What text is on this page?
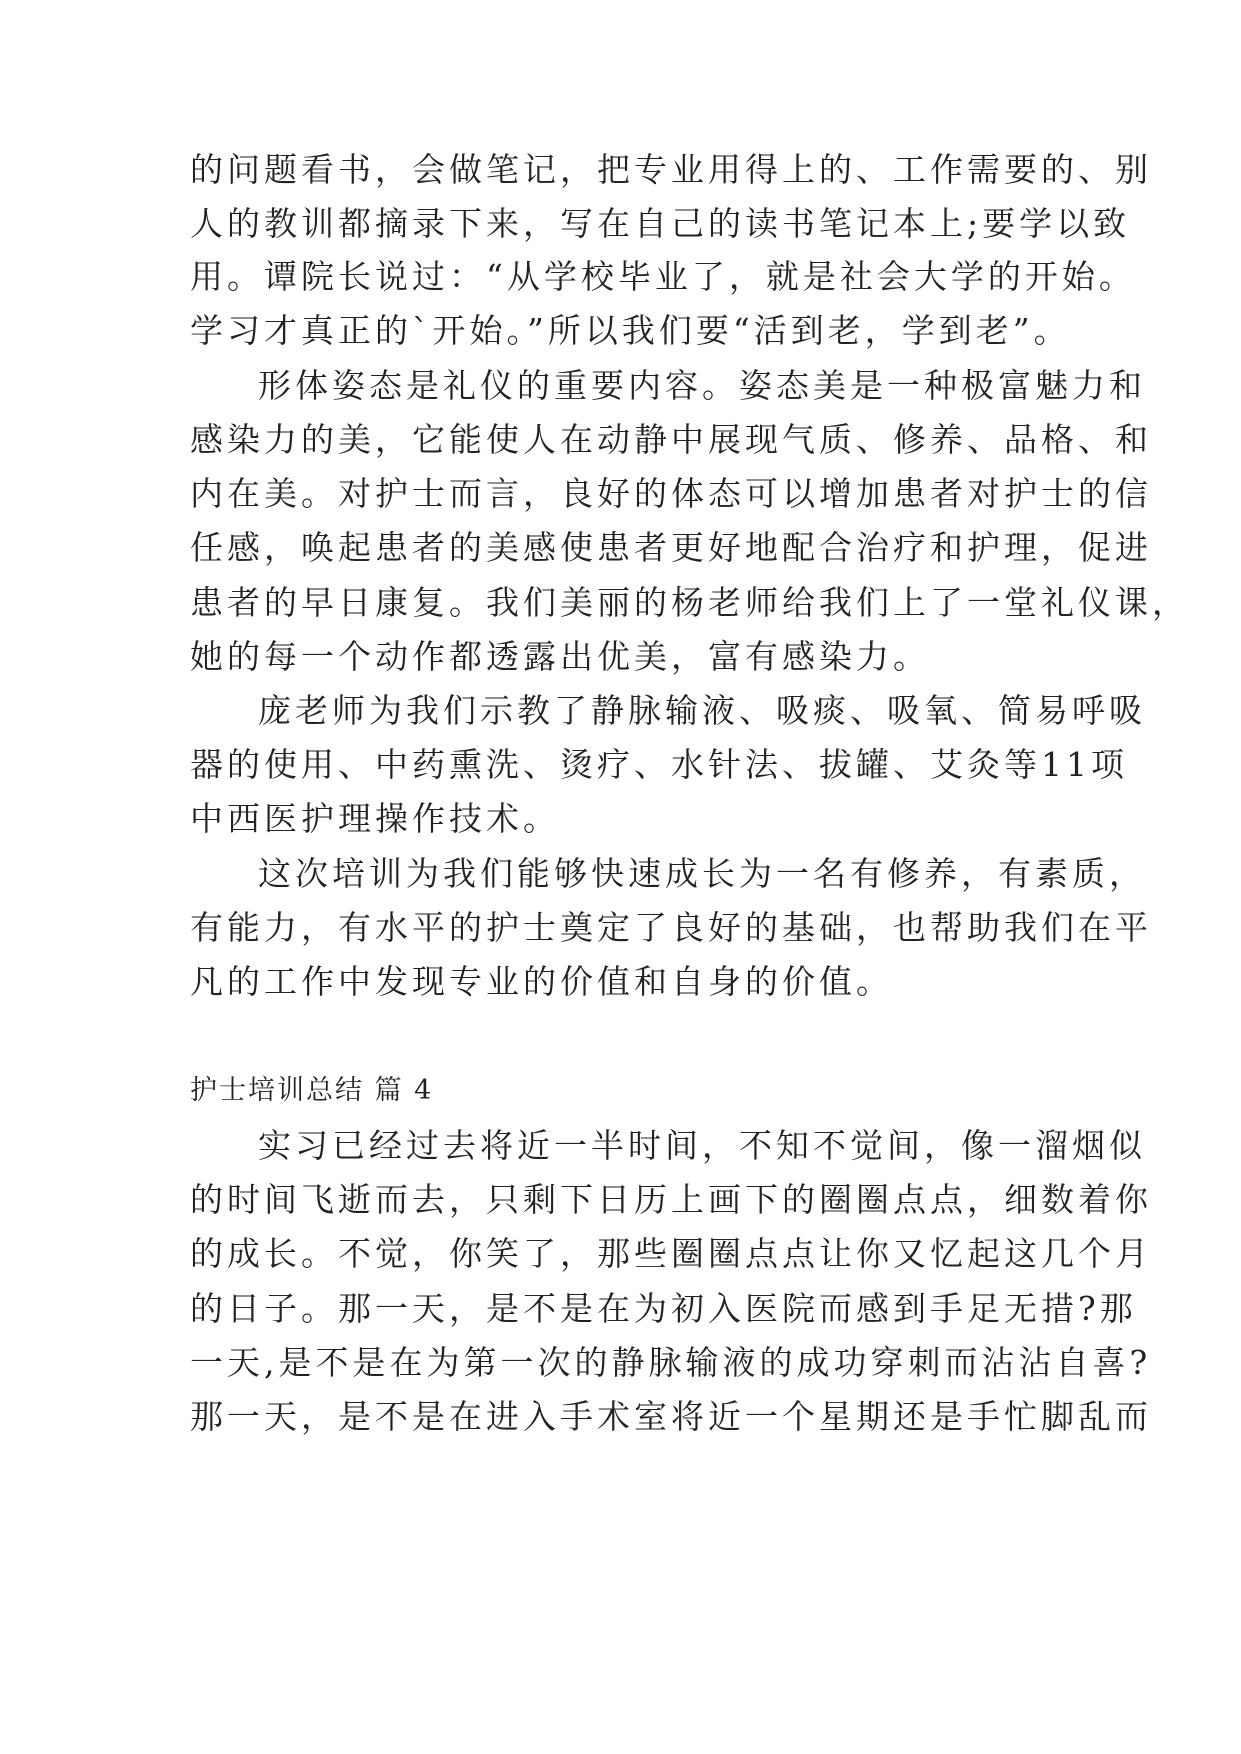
的问题看书，会做笔记，把专业用得上的、工作需要的、别
人的教训都摘录下来，写在自己的读书笔记本上;要学以致
用。谭院长说过：“从学校毕业了，就是社会大学的开始。
学习才真正的`开始。”所以我们要“活到老，学到老”。
形体姿态是礼仪的重要内容。姿态美是一种极富魅力和
感染力的美，它能使人在动静中展现气质、修养、品格、和
内在美。对护士而言，良好的体态可以增加患者对护士的信
任感，唤起患者的美感使患者更好地配合治疗和护理，促进
患者的早日康复。我们美丽的杨老师给我们上了一堂礼仪课，
她的每一个动作都透露出优美，富有感染力。
庞老师为我们示教了静脉输液、吸痰、吸氧、简易呼吸
器的使用、中药熏洗、烫疗、水针法、拔罐、艾灸等11项
中西医护理操作技术。
这次培训为我们能够快速成长为一名有修养，有素质，
有能力，有水平的护士奠定了良好的基础，也帮助我们在平
凡的工作中发现专业的价值和自身的价值。
护士培训总结 篇 4
实习已经过去将近一半时间，不知不觉间，像一溜烟似
的时间飞逝而去，只剩下日历上画下的圈圈点点，细数着你
的成长。不觉，你笑了，那些圈圈点点让你又忆起这几个月
的日子。那一天，是不是在为初入医院而感到手足无措?那
一天,是不是在为第一次的静脉输液的成功穿刺而沾沾自喜?
那一天，是不是在进入手术室将近一个星期还是手忙脚乱而
